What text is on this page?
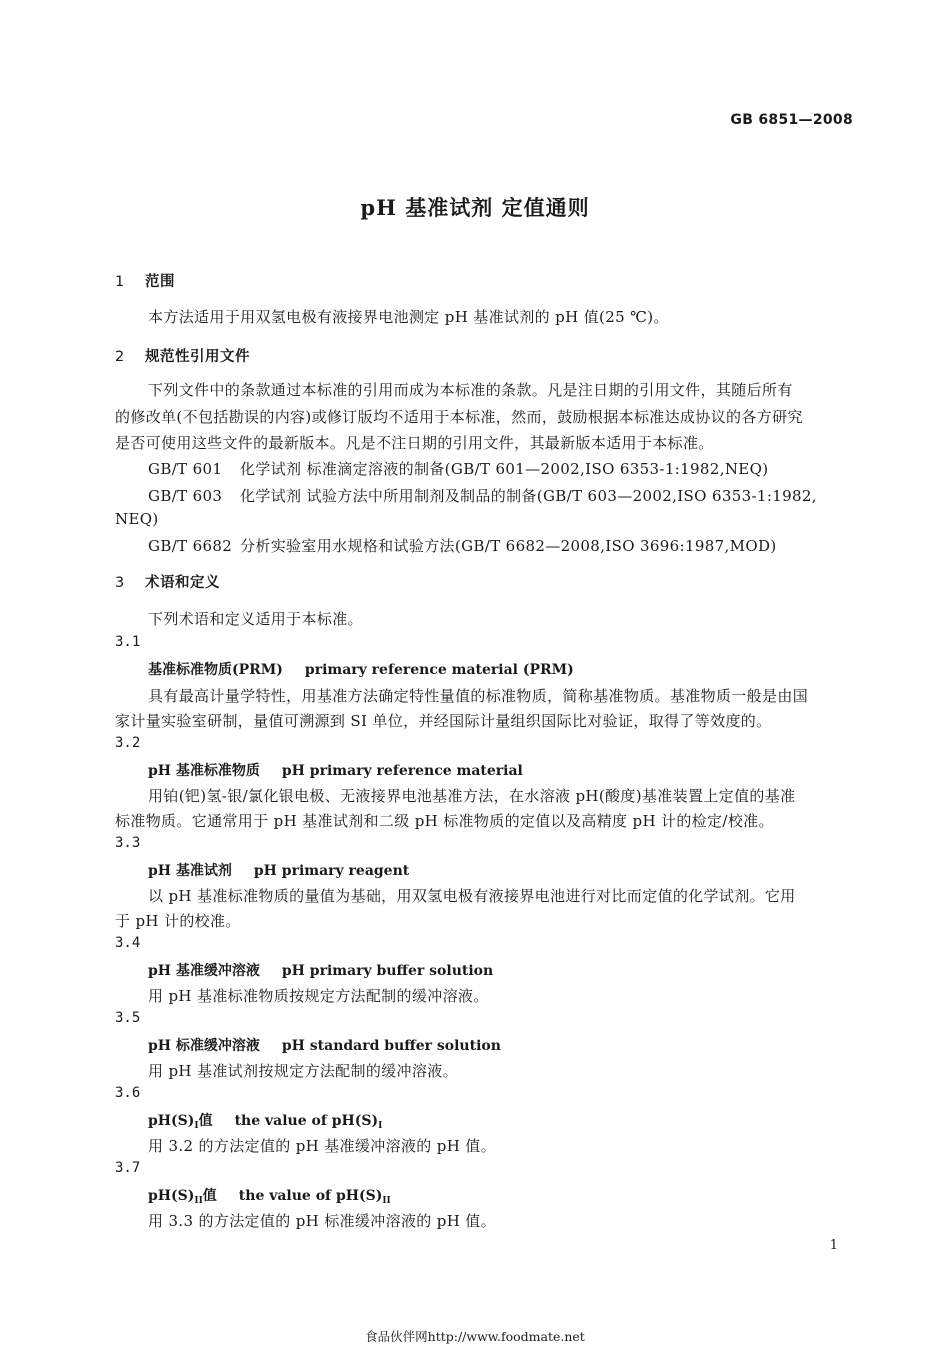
GB 6851—2008
pH 基准试剂 定值通则
1 范围
本方法适用于用双氢电极有液接界电池测定 pH 基准试剂的 pH 值(25 ℃)。
2 规范性引用文件
下列文件中的条款通过本标准的引用而成为本标准的条款。凡是注日期的引用文件，其随后所有
的修改单(不包括勘误的内容)或修订版均不适用于本标准，然而，鼓励根据本标准达成协议的各方研究
是否可使用这些文件的最新版本。凡是不注日期的引用文件，其最新版本适用于本标准。
GB/T 601 化学试剂 标准滴定溶液的制备(GB/T 601—2002,ISO 6353-1:1982,NEQ)
GB/T 603 化学试剂 试验方法中所用制剂及制品的制备(GB/T 603—2002,ISO 6353-1:1982,
NEQ)
GB/T 6682 分析实验室用水规格和试验方法(GB/T 6682—2008,ISO 3696:1987,MOD)
3 术语和定义
下列术语和定义适用于本标准。
3.1
基准标准物质(PRM) primary reference material (PRM)
具有最高计量学特性，用基准方法确定特性量值的标准物质，简称基准物质。基准物质一般是由国
家计量实验室研制，量值可溯源到 SI 单位，并经国际计量组织国际比对验证，取得了等效度的。
3.2
pH 基准标准物质 pH primary reference material
用铂(钯)氢-银/氯化银电极、无液接界电池基准方法，在水溶液 pH(酸度)基准装置上定值的基准
标准物质。它通常用于 pH 基准试剂和二级 pH 标准物质的定值以及高精度 pH 计的检定/校准。
3.3
pH 基准试剂 pH primary reagent
以 pH 基准标准物质的量值为基础，用双氢电极有液接界电池进行对比而定值的化学试剂。它用
于 pH 计的校准。
3.4
pH 基准缓冲溶液 pH primary buffer solution
用 pH 基准标准物质按规定方法配制的缓冲溶液。
3.5
pH 标准缓冲溶液 pH standard buffer solution
用 pH 基准试剂按规定方法配制的缓冲溶液。
3.6
$pH(S)_I$值 the value of $pH(S)_I$
用 3.2 的方法定值的 pH 基准缓冲溶液的 pH 值。
3.7
$pH(S)_{II}$值 the value of $pH(S)_{II}$
用 3.3 的方法定值的 pH 标准缓冲溶液的 pH 值。
1
食品伙伴网http://www.foodmate.net
